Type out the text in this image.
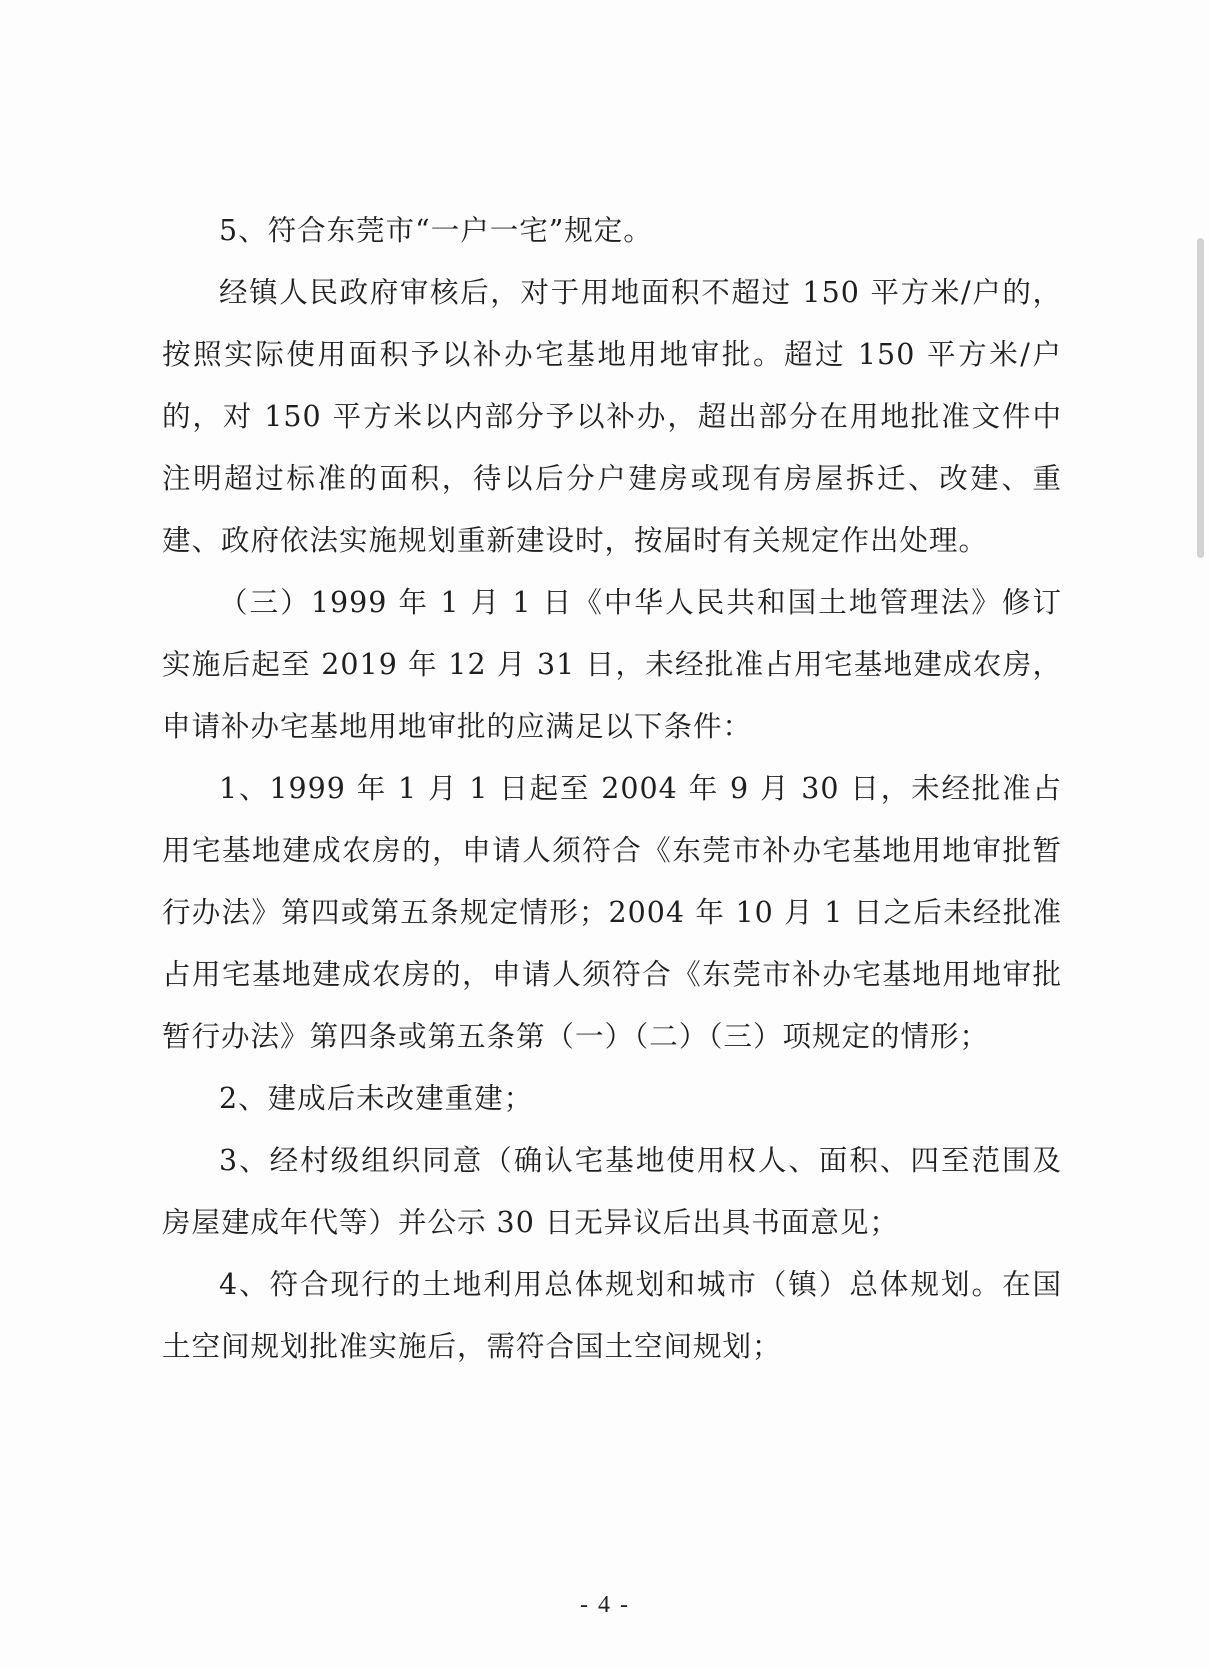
5、符合东莞市“一户一宅”规定。

经镇人民政府审核后，对于用地面积不超过 150 平方米/户的，按照实际使用面积予以补办宅基地用地审批。超过 150 平方米/户的，对 150 平方米以内部分予以补办，超出部分在用地批准文件中注明超过标准的面积，待以后分户建房或现有房屋拆迁、改建、重建、政府依法实施规划重新建设时，按届时有关规定作出处理。

（三）1999 年 1 月 1 日《中华人民共和国土地管理法》修订实施后起至 2019 年 12 月 31 日，未经批准占用宅基地建成农房，申请补办宅基地用地审批的应满足以下条件：

1、1999 年 1 月 1 日起至 2004 年 9 月 30 日，未经批准占用宅基地建成农房的，申请人须符合《东莞市补办宅基地用地审批暂行办法》第四或第五条规定情形；2004 年 10 月 1 日之后未经批准占用宅基地建成农房的，申请人须符合《东莞市补办宅基地用地审批暂行办法》第四条或第五条第（一）（二）（三）项规定的情形；

2、建成后未改建重建；

3、经村级组织同意（确认宅基地使用权人、面积、四至范围及房屋建成年代等）并公示 30 日无异议后出具书面意见；

4、符合现行的土地利用总体规划和城市（镇）总体规划。在国土空间规划批准实施后，需符合国土空间规划；

- 4 -
